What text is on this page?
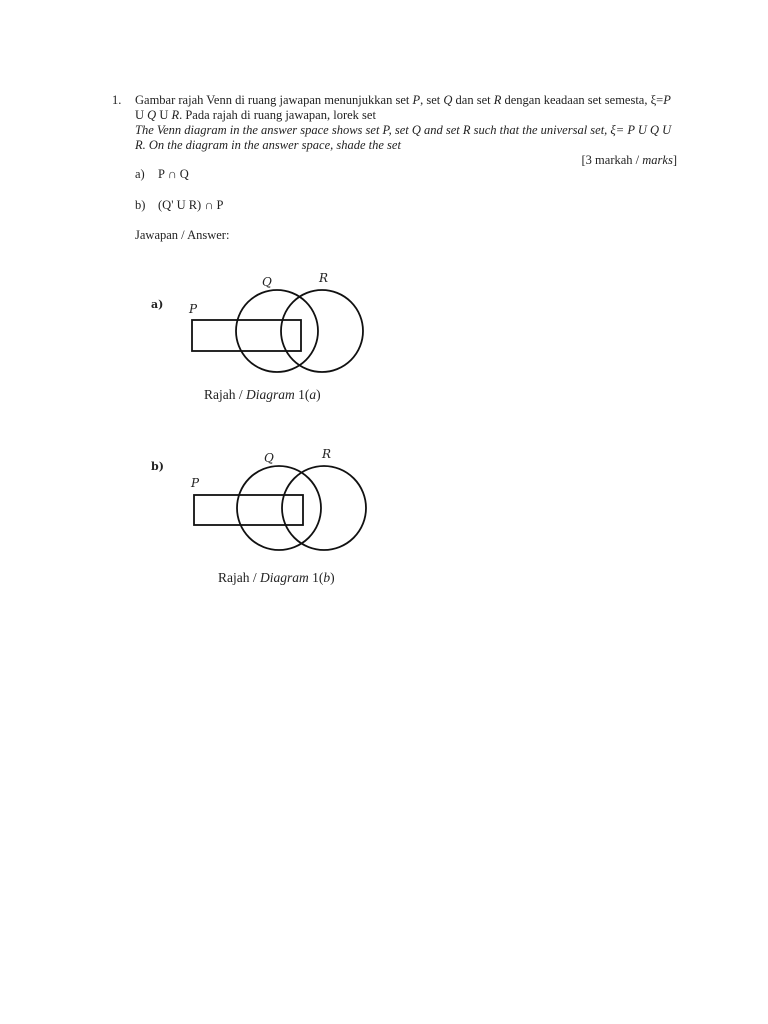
1. Gambar rajah Venn di ruang jawapan menunjukkan set P, set Q dan set R dengan keadaan set semesta, ξ=P
U Q U R. Pada rajah di ruang jawapan, lorek set
The Venn diagram in the answer space shows set P, set Q and set R such that the universal set, ξ= P U Q U
R. On the diagram in the answer space, shade the set
[3 markah / marks]
a) P ∩ Q
b) (Q' U R) ∩ P
Jawapan / Answer:
a) P
Q	R
b)
P
Q	R
Rajah / Diagram 1(a)
Rajah / Diagram 1(b)
